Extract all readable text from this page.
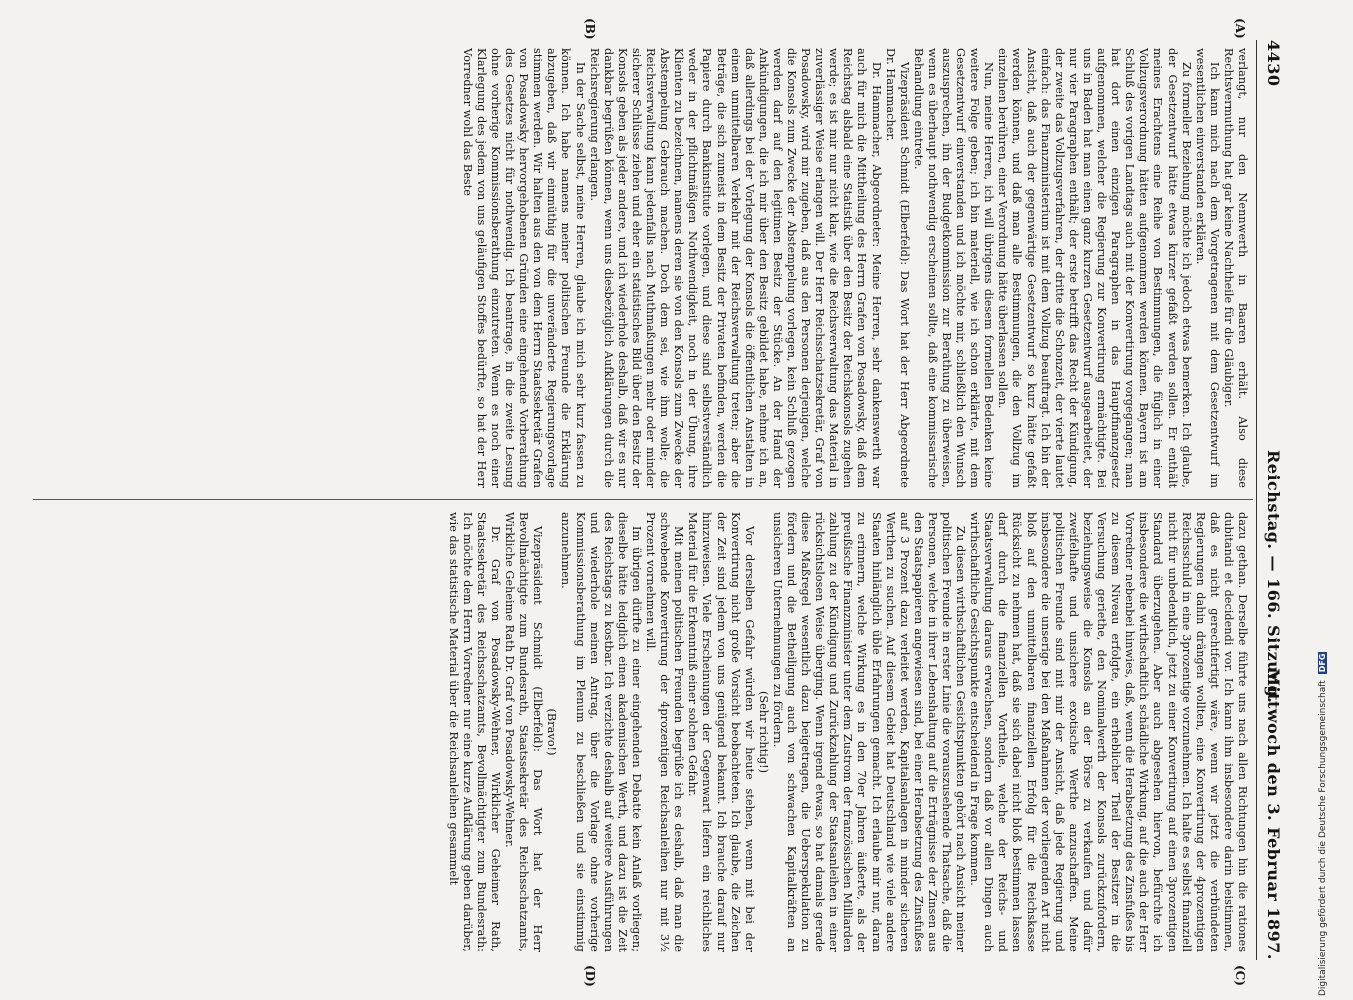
4430
Reichstag. — 166. Sitzung.
Mittwoch den 3. Februar 1897.
(A)
(B)
(C)
(D)

verlangt, nur den Nennwerth in Baaren erhält. Also diese Rechtsvermuthung hat gar keine Nachtheile für die Gläubiger.

Ich kann mich nach dem Vorgetragenen mit dem Gesetzentwurf im wesentlichen einverstanden erklären.

Zu formeller Beziehung möchte ich jedoch etwas bemerken. Ich glaube, der Gesetzentwurf hätte etwas kürzer gefaßt werden sollen. Er enthält meines Erachtens eine Reihe von Bestimmungen, die füglich in einer Vollzugsverordnung hätten aufgenommen werden können. Bayern ist am Schluß des vorigen Landtags auch mit der Konvertirung vorgegangen; man hat dort einen einzigen Paragraphen in das Hauptfinanzgesetz aufgenommen, welcher die Regierung zur Konvertirung ermächtigte. Bei uns in Baden hat man einen ganz kurzen Gesetzentwurf ausgearbeitet, der nur vier Paragraphen enthält; der erste betrifft das Recht der Kündigung, der zweite das Vollzugsverfahren, der dritte die Schonzeit, der vierte lautet einfach: das Finanzministerium ist mit dem Vollzug beauftragt. Ich bin der Ansicht, daß auch der gegenwärtige Gesetzentwurf so kurz hätte gefaßt werden können, und daß man alle Bestimmungen, die den Vollzug im einzelnen berühren, einer Verordnung hätte überlassen sollen.

Nun, meine Herren, ich will übrigens diesem formellen Bedenken keine weitere Folge geben; ich bin materiell, wie ich schon erklärte, mit dem Gesetzentwurf einverstanden und ich möchte mir, schließlich den Wunsch auszusprechen, ihn der Budgetkommission zur Berathung zu überweisen, wenn es überhaupt nothwendig erscheinen sollte, daß eine kommissarische Behandlung eintrete.

Vizepräsident Schmidt (Elberfeld): Das Wort hat der Herr Abgeordnete Dr. Hammacher.

Dr. Hammacher, Abgeordneter: Meine Herren, sehr dankenswerth war auch für mich die Mittheilung des Herrn Grafen von Posadowsky, daß dem Reichstag alsbald eine Statistik über den Besitz der Reichskonsols zugehen werde; es ist mir nur nicht klar, wie die Reichsverwaltung das Material in zuverlässiger Weise erlangen will. Der Herr Reichsschatzsekretär, Graf von Posadowsky, wird mir zugeben, daß aus den Personen derjenigen, welche die Konsols zum Zwecke der Abstempelung vorlegen, kein Schluß gezogen werden darf auf den legitimen Besitz der Stücke. An der Hand der Ankündigungen, die ich mir über den Besitz gebildet habe, nehme ich an, daß allerdings bei der Vorlegung der Konsols die öffentlichen Anstalten in einem unmittelbaren Verkehr mit der Reichsverwaltung treten; aber die Beträge, die sich zumeist in dem Besitz der Privaten befinden, werden die Papiere durch Bankinstitute vorlegen, und diese sind selbstverständlich weder in der pflichtmäßigen Nothwendigkeit, noch in der Übung, ihre Klienten zu bezeichnen, namens deren sie von den Konsols zum Zwecke der Abstempelung Gebrauch machen. Doch dem sei, wie ihm wolle; die Reichsverwaltung kann jedenfalls nach Muthmaßungen mehr oder minder sicherer Schlüsse ziehen und eher ein statistisches Bild über den Besitz der Konsols geben als jeder andere, und ich wiederhole deshalb, daß wir es nur dankbar begrüßen können, wenn uns diesbezüglich Aufklärungen durch die Reichsregierung erlangen.

In der Sache selbst, meine Herren, glaube ich mich sehr kurz fassen zu können. Ich habe namens meiner politischen Freunde die Erklärung abzugeben, daß wir einmüthig für die unveränderte Regierungsvorlage stimmen werden. Wir halten aus den von dem Herrn Staatssekretär Grafen von Posadowsky hervorgehobenen Gründen eine eingehende Vorberathung des Gesetzes nicht für nothwendig. Ich beantrage, in die zweite Lesung ohne vorherige Kommissionsberathung einzutreten. Wenn es noch einer Klarlegung des jedem von uns geläufigen Stoffes bedürfte, so hat der Herr Vorredner wohl das Beste

dazu gethan. Derselbe führte uns nach allen Richtungen hin die rationes dubitandi et decidendi vor. Ich kann ihm insbesondere darin beistimmen, daß es nicht gerechtfertigt wäre, wenn wir jetzt die verbündeten Regierungen dahin drängen wollten, eine Konvertirung der 4prozentigen Reichsschuld in eine 3prozentige vorzunehmen. Ich halte es selbst finanziell nicht für unbedenklich, jetzt zu einer Konvertirung auf einen 3prozentigen Standard überzugehen. Aber auch abgesehen hiervon, befürchte ich insbesondere die wirthschaftlich schädliche Wirkung, auf die auch der Herr Vorredner nebenbei hinwies, daß, wenn die Herabsetzung des Zinsfußes bis zu diesem Niveau erfolgte, ein erheblicher Theil der Besitzer in die Versuchung geriethe, den Nominalwerth der Konsols zurückzufordern, beziehungsweise die Konsols an der Börse zu verkaufen und dafür zweifelhafte und unsichere exotische Werthe anzuschaffen. Meine politischen Freunde sind mit mir der Ansicht, daß jede Regierung und insbesondere die unserige bei den Maßnahmen der vorliegenden Art nicht bloß auf den unmittelbaren finanziellen Erfolg für die Reichskasse Rücksicht zu nehmen hat, daß sie sich dabei nicht bloß bestimmen lassen darf durch die finanziellen Vortheile, welche der Reichs- und Staatsverwaltung daraus erwachsen, sondern daß vor allen Dingen auch wirthschaftliche Gesichtspunkte entscheidend in Frage kommen.

Zu diesen wirthschaftlichen Gesichtspunkten gehört nach Ansicht meiner politischen Freunde in erster Linie die vorauszusehende Thatsache, daß die Personen, welche in ihrer Lebenshaltung auf die Erträgnisse der Zinsen aus den Staatspapieren angewiesen sind, bei einer Herabsetzung des Zinsfußes auf 3 Prozent dazu verleitet werden, Kapitalsanlagen in minder sicheren Werthen zu suchen. Auf diesem Gebiet hat Deutschland wie viele andere Staaten hinlänglich üble Erfahrungen gemacht. Ich erlaube mir nur, daran zu erinnern, welche Wirkung es in den 70er Jahren äußerte, als der preußische Finanzminister unter dem Zustrom der französischen Milliarden zahlung zu der Kündigung und Zurückzahlung der Staatsanleihen in einer rücksichtslosen Weise überging. Wenn irgend etwas, so hat damals gerade diese Maßregel wesentlich dazu beigetragen, die Ueberspekulation zu fördern und die Betheiligung auch von schwachen Kapitalkräften an unsicheren Unternehmungen zu fördern.

(Sehr richtig!)

Vor derselben Gefahr würden wir heute stehen, wenn mit bei der Konvertirung nicht große Vorsicht beobachteten. Ich glaube, die Zeichen der Zeit sind jedem von uns genügend bekannt. Ich brauche darauf nur hinzuweisen. Viele Erscheinungen der Gegenwart liefern ein reichliches Material für die Erkenntniß einer solchen Gefahr.

Mit meinen politischen Freunden begrüße ich es deshalb, daß man die schwebende Konvertirung der 4prozentigen Reichsanleihen nur mit 3½ Prozent vornehmen will.

Im übrigen dürfte zu einer eingehenden Debatte kein Anlaß vorliegen; dieselbe hätte lediglich einen akademischen Werth, und dazu ist die Zeit des Reichstags zu kostbar. Ich verzichte deshalb auf weitere Ausführungen und wiederhole meinen Antrag, über die Vorlage ohne vorherige Kommissionsberathung im Plenum zu beschließen und sie einstimmig anzunehmen.

(Bravo!)

Vizepräsident Schmidt (Elberfeld): Das Wort hat der Herr Bevollmächtigte zum Bundesrath, Staatssekretär des Reichsschatzamts, Wirkliche Geheime Rath Dr. Graf von Posadowsky-Wehner.

Dr. Graf von Posadowsky-Wehner, Wirklicher Geheimer Rath, Staatssekretär des Reichsschatzamts, Bevollmächtigter zum Bundesrath: Ich möchte dem Herrn Vorredner nur eine kurze Aufklärung geben darüber, wie das statistische Material über die Reichsanleihen gesammelt	Digitalisierung gefördert durch die Deutsche ForschungsgemeinschaftDFG
